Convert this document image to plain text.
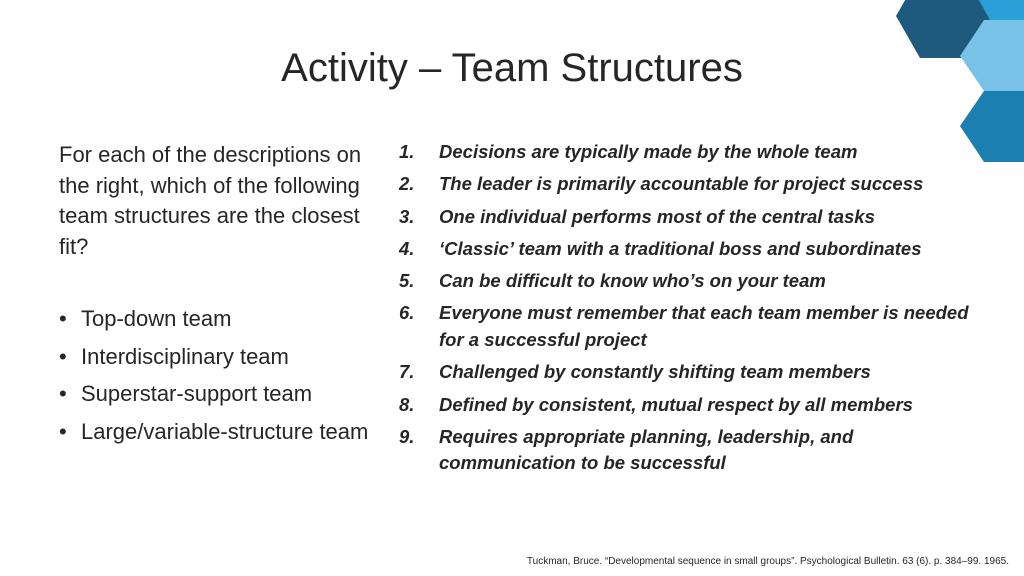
Activity – Team Structures

For each of the descriptions on the right, which of the following team structures are the closest fit?

• Top-down team
• Interdisciplinary team
• Superstar-support team
• Large/variable-structure team
1. Decisions are typically made by the whole team
2. The leader is primarily accountable for project success
3. One individual performs most of the central tasks
4. ‘Classic’ team with a traditional boss and subordinates
5. Can be difficult to know who’s on your team
6. Everyone must remember that each team member is needed for a successful project
7. Challenged by constantly shifting team members
8. Defined by consistent, mutual respect by all members
9. Requires appropriate planning, leadership, and communication to be successful
Tuckman, Bruce. “Developmental sequence in small groups”. Psychological Bulletin. 63 (6). p. 384–99. 1965.
